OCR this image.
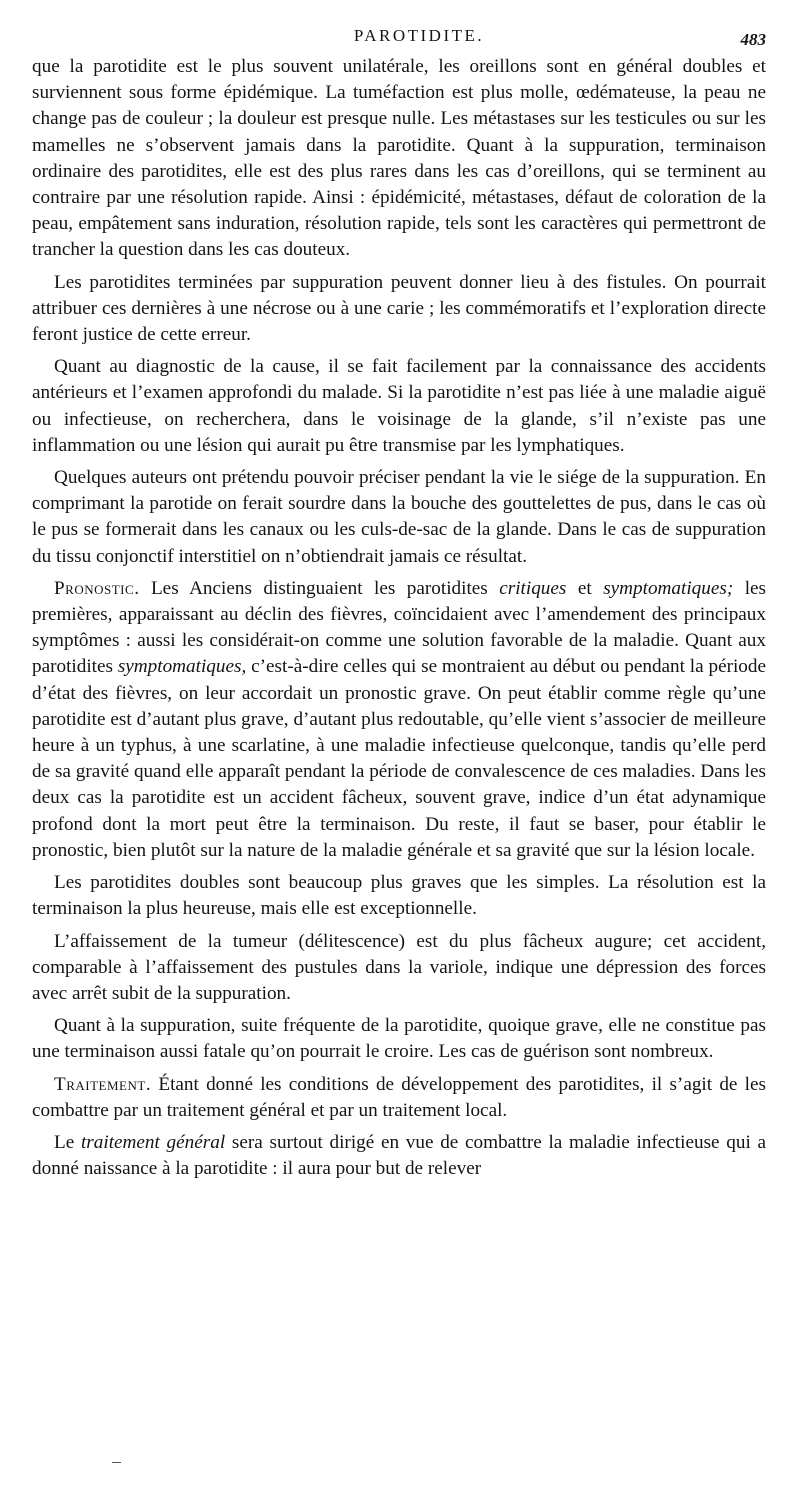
PAROTIDITE.	483

que la parotidite est le plus souvent unilatérale, les oreillons sont en général doubles et surviennent sous forme épidémique. La tuméfaction est plus molle, œdémateuse, la peau ne change pas de couleur ; la douleur est presque nulle. Les métastases sur les testicules ou sur les mamelles ne s’observent jamais dans la parotidite. Quant à la suppuration, terminaison ordinaire des parotidites, elle est des plus rares dans les cas d’oreillons, qui se terminent au contraire par une résolution rapide. Ainsi : épidémicité, métastases, défaut de coloration de la peau, empâtement sans induration, résolution rapide, tels sont les caractères qui permettront de trancher la question dans les cas douteux.

Les parotidites terminées par suppuration peuvent donner lieu à des fistules. On pourrait attribuer ces dernières à une nécrose ou à une carie ; les commémoratifs et l’exploration directe feront justice de cette erreur.

Quant au diagnostic de la cause, il se fait facilement par la connaissance des accidents antérieurs et l’examen approfondi du malade. Si la parotidite n’est pas liée à une maladie aiguë ou infectieuse, on recherchera, dans le voisinage de la glande, s’il n’existe pas une inflammation ou une lésion qui aurait pu être transmise par les lymphatiques.

Quelques auteurs ont prétendu pouvoir préciser pendant la vie le siége de la suppuration. En comprimant la parotide on ferait sourdre dans la bouche des gouttelettes de pus, dans le cas où le pus se formerait dans les canaux ou les culs-de-sac de la glande. Dans le cas de suppuration du tissu conjonctif interstitiel on n’obtiendrait jamais ce résultat.

Pronostic . Les Anciens distinguaient les parotidites critiques et symptomatiques; les premières, apparaissant au déclin des fièvres, coïncidaient avec l’amendement des principaux symptômes : aussi les considérait-on comme une solution favorable de la maladie. Quant aux parotidites symptomatiques, c’est-à-dire celles qui se montraient au début ou pendant la période d’état des fièvres, on leur accordait un pronostic grave. On peut établir comme règle qu’une parotidite est d’autant plus grave, d’autant plus redoutable, qu’elle vient s’associer de meilleure heure à un typhus, à une scarlatine, à une maladie infectieuse quelconque, tandis qu’elle perd de sa gravité quand elle apparaît pendant la période de convalescence de ces maladies. Dans les deux cas la parotidite est un accident fâcheux, souvent grave, indice d’un état adynamique profond dont la mort peut être la terminaison. Du reste, il faut se baser, pour établir le pronostic, bien plutôt sur la nature de la maladie générale et sa gravité que sur la lésion locale.

Les parotidites doubles sont beaucoup plus graves que les simples. La résolution est la terminaison la plus heureuse, mais elle est exceptionnelle.

L’affaissement de la tumeur (délitescence) est du plus fâcheux augure; cet accident, comparable à l’affaissement des pustules dans la variole, indique une dépression des forces avec arrêt subit de la suppuration.

Quant à la suppuration, suite fréquente de la parotidite, quoique grave, elle ne constitue pas une terminaison aussi fatale qu’on pourrait le croire. Les cas de guérison sont nombreux.

Traitement . Étant donné les conditions de développement des parotidites, il s’agit de les combattre par un traitement général et par un traitement local.

Le traitement général sera surtout dirigé en vue de combattre la maladie infectieuse qui a donné naissance à la parotidite : il aura pour but de relever
